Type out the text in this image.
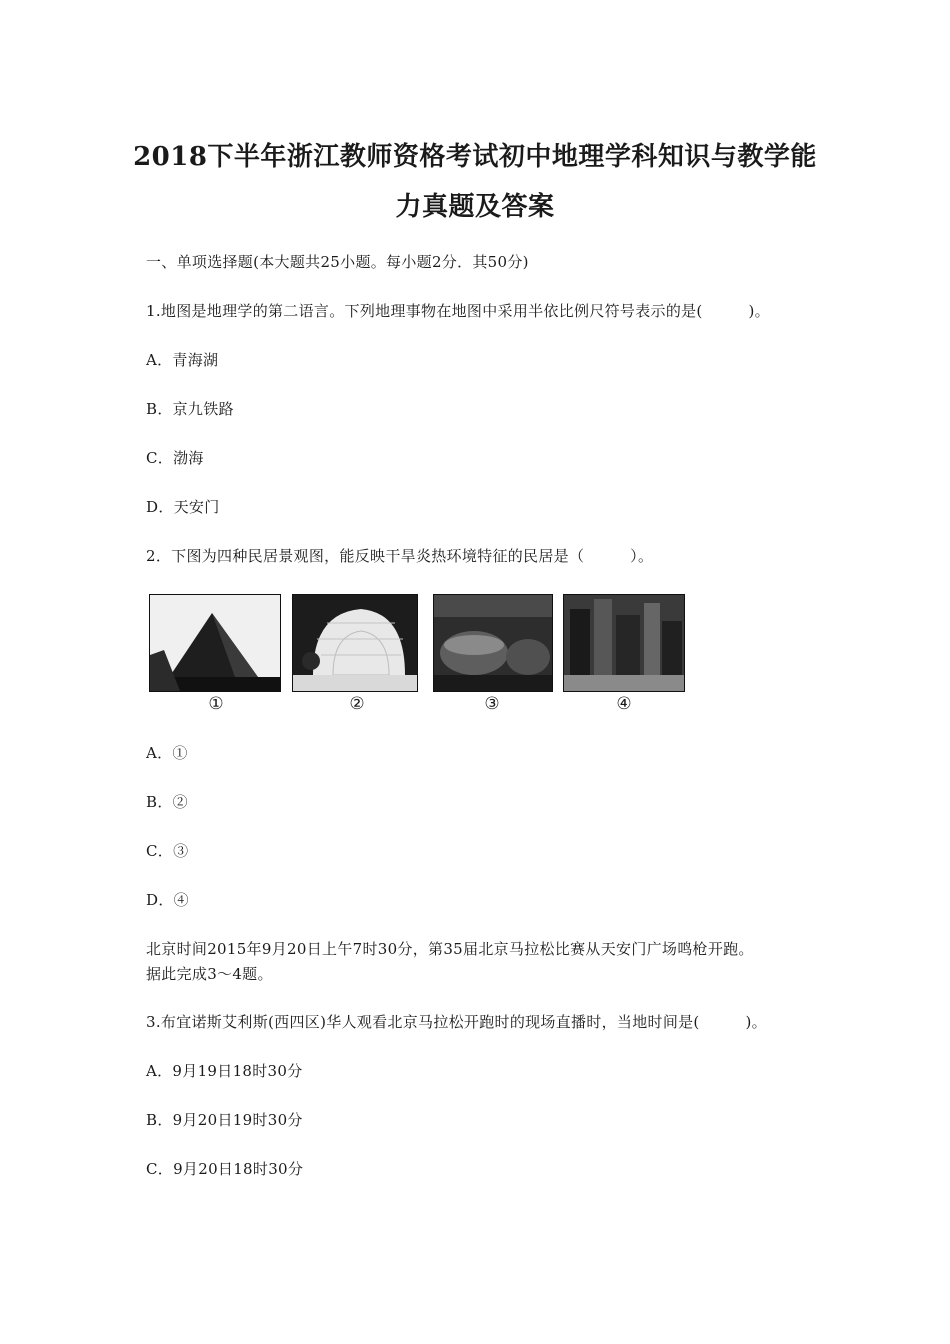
2018下半年浙江教师资格考试初中地理学科知识与教学能
力真题及答案
一、单项选择题(本大题共25小题。每小题2分．其50分)
1.地图是地理学的第二语言。下列地理事物在地图中采用半依比例尺符号表示的是(　　　)。
A．青海湖
B．京九铁路
C．渤海
D．天安门
2．下图为四种民居景观图，能反映干旱炎热环境特征的民居是（　　　）。
①	②	③	④
A．①
B．②
C．③
D．④
北京时间2015年9月20日上午7时30分，第35届北京马拉松比赛从天安门广场鸣枪开跑。
据此完成3～4题。
3.布宜诺斯艾利斯(西四区)华人观看北京马拉松开跑时的现场直播时，当地时间是(　　　)。
A．9月19日18时30分
B．9月20日19时30分
C．9月20日18时30分
